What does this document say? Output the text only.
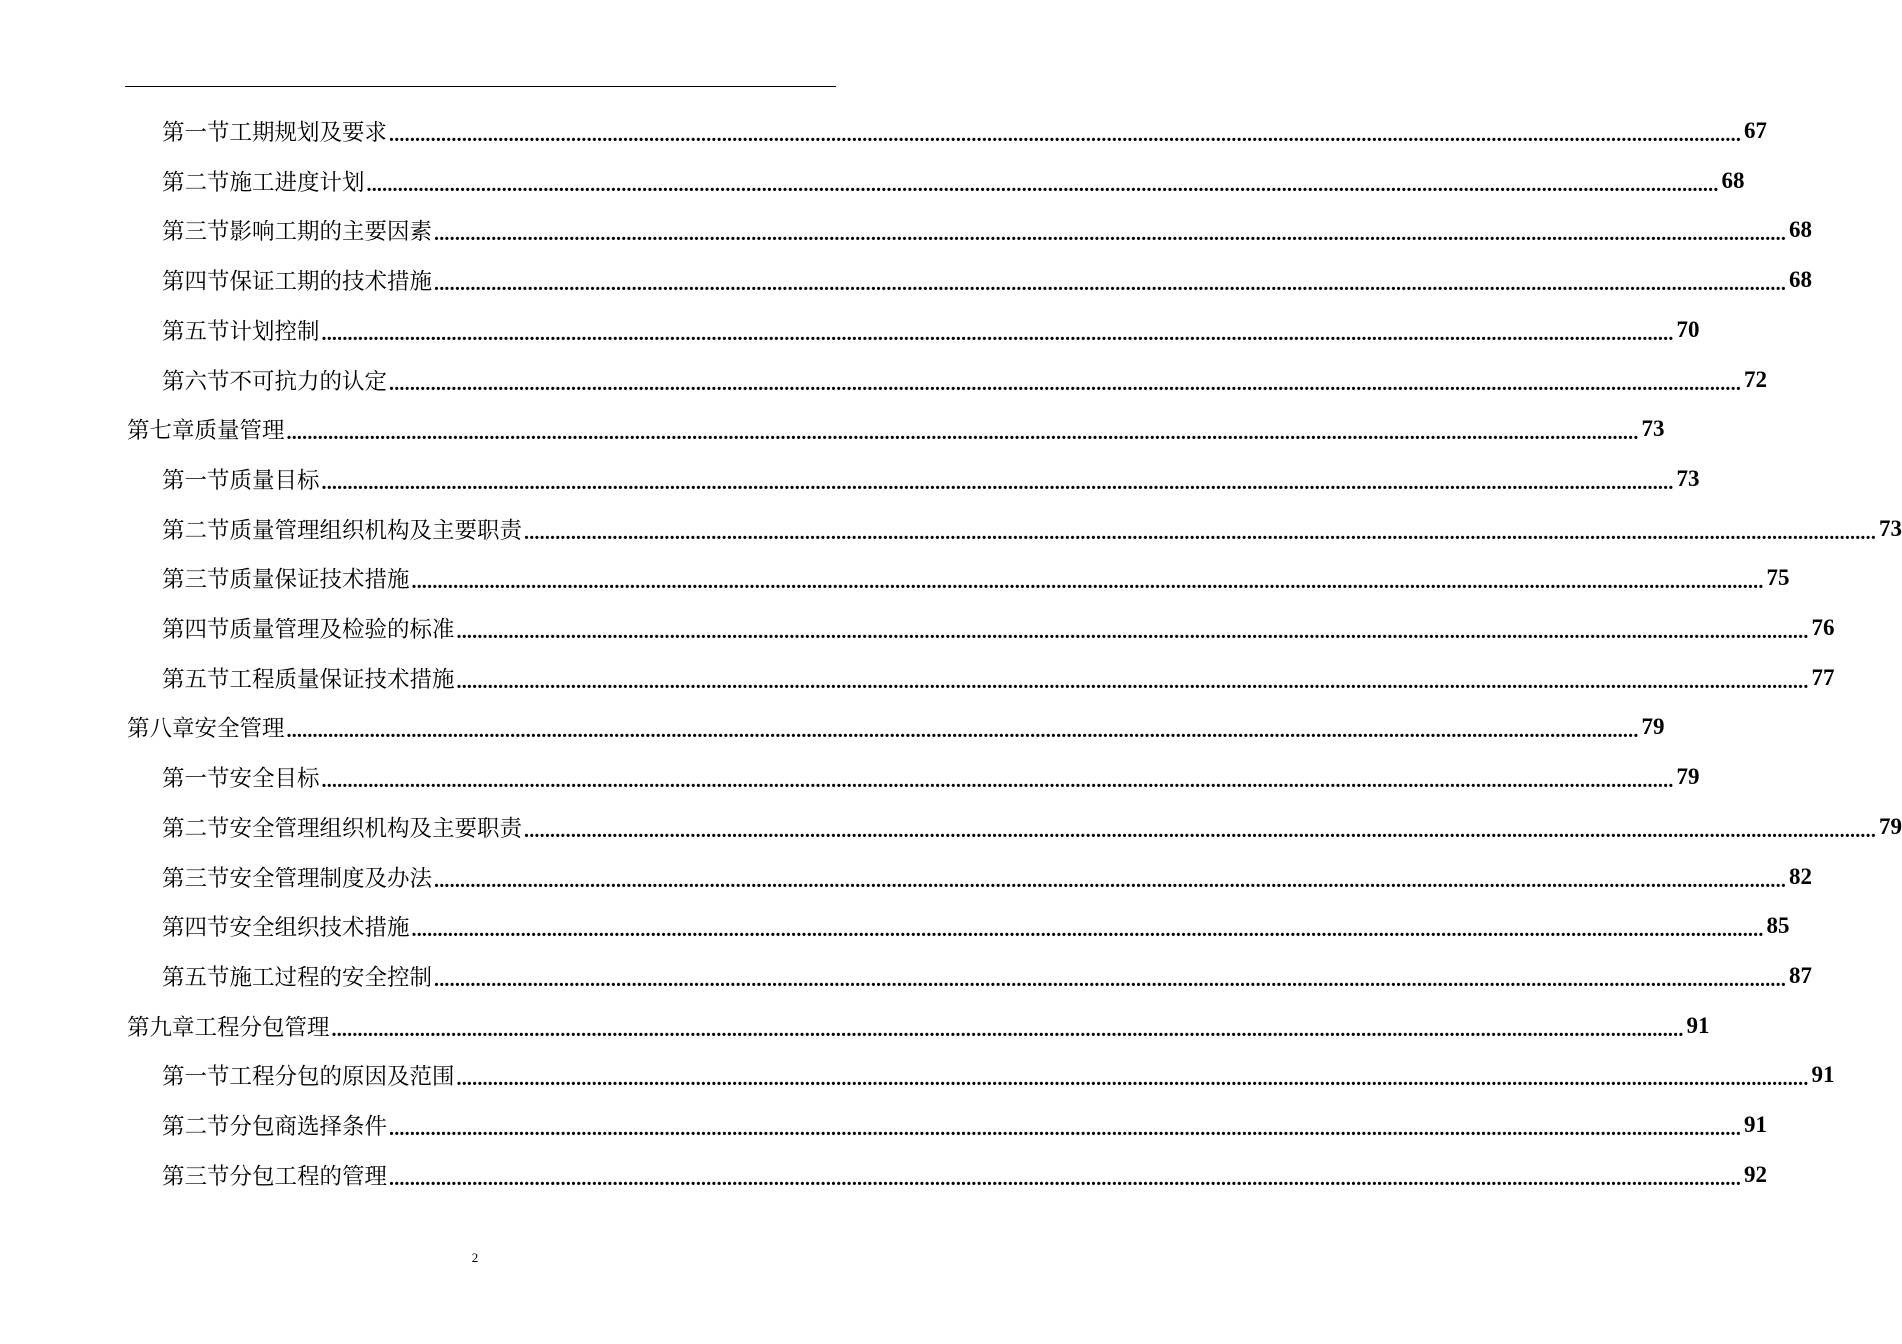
第一节 工期规划及要求 .................................................................................................................................................................................................................................................................... 67
第二节 施工进度计划 .................................................................................................................................................................................................................................................................... 68
第三节 影响工期的主要因素 .................................................................................................................................................................................................................................................................... 68
第四节 保证工期的技术措施 .................................................................................................................................................................................................................................................................... 68
第五节 计划控制 .................................................................................................................................................................................................................................................................... 70
第六节 不可抗力的认定 .................................................................................................................................................................................................................................................................... 72
第七章 质量管理 .................................................................................................................................................................................................................................................................... 73
第一节 质量目标 .................................................................................................................................................................................................................................................................... 73
第二节 质量管理组织机构及主要职责 .................................................................................................................................................................................................................................................................... 73
第三节 质量保证技术措施 .................................................................................................................................................................................................................................................................... 75
第四节 质量管理及检验的标准 .................................................................................................................................................................................................................................................................... 76
第五节 工程质量保证技术措施 .................................................................................................................................................................................................................................................................... 77
第八章 安全管理 .................................................................................................................................................................................................................................................................... 79
第一节 安全目标 .................................................................................................................................................................................................................................................................... 79
第二节 安全管理组织机构及主要职责 .................................................................................................................................................................................................................................................................... 79
第三节 安全管理制度及办法 .................................................................................................................................................................................................................................................................... 82
第四节 安全组织技术措施 .................................................................................................................................................................................................................................................................... 85
第五节 施工过程的安全控制 .................................................................................................................................................................................................................................................................... 87
第九章 工程分包管理 .................................................................................................................................................................................................................................................................... 91
第一节 工程分包的原因及范围 .................................................................................................................................................................................................................................................................... 91
第二节 分包商选择条件 .................................................................................................................................................................................................................................................................... 91
第三节 分包工程的管理 .................................................................................................................................................................................................................................................................... 92
2
